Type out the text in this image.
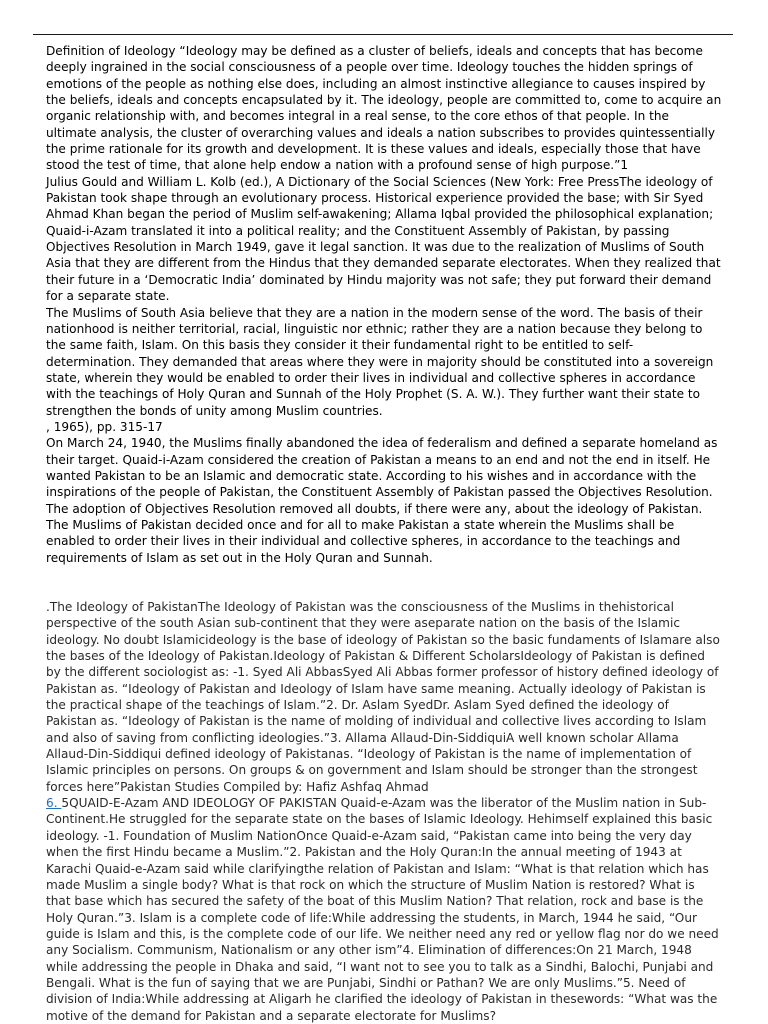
Definition of Ideology “Ideology may be defined as a cluster of beliefs, ideals and concepts that has become deeply ingrained in the social consciousness of a people over time. Ideology touches the hidden springs of emotions of the people as nothing else does, including an almost instinctive allegiance to causes inspired by the beliefs, ideals and concepts encapsulated by it. The ideology, people are committed to, come to acquire an organic relationship with, and becomes integral in a real sense, to the core ethos of that people. In the ultimate analysis, the cluster of overarching values and ideals a nation subscribes to provides quintessentially the prime rationale for its growth and development. It is these values and ideals, especially those that have stood the test of time, that alone help endow a nation with a profound sense of high purpose.”1

Julius Gould and William L. Kolb (ed.), A Dictionary of the Social Sciences (New York: Free PressThe ideology of Pakistan took shape through an evolutionary process. Historical experience provided the base; with Sir Syed Ahmad Khan began the period of Muslim self-awakening; Allama Iqbal provided the philosophical explanation; Quaid-i-Azam translated it into a political reality; and the Constituent Assembly of Pakistan, by passing Objectives Resolution in March 1949, gave it legal sanction. It was due to the realization of Muslims of South Asia that they are different from the Hindus that they demanded separate electorates. When they realized that their future in a ‘Democratic India’ dominated by Hindu majority was not safe; they put forward their demand for a separate state.

The Muslims of South Asia believe that they are a nation in the modern sense of the word. The basis of their nationhood is neither territorial, racial, linguistic nor ethnic; rather they are a nation because they belong to the same faith, Islam. On this basis they consider it their fundamental right to be entitled to self-determination. They demanded that areas where they were in majority should be constituted into a sovereign state, wherein they would be enabled to order their lives in individual and collective spheres in accordance with the teachings of Holy Quran and Sunnah of the Holy Prophet (S. A. W.). They further want their state to strengthen the bonds of unity among Muslim countries.

, 1965), pp. 315-17

On March 24, 1940, the Muslims finally abandoned the idea of federalism and defined a separate homeland as their target. Quaid-i-Azam considered the creation of Pakistan a means to an end and not the end in itself. He wanted Pakistan to be an Islamic and democratic state. According to his wishes and in accordance with the inspirations of the people of Pakistan, the Constituent Assembly of Pakistan passed the Objectives Resolution. The adoption of Objectives Resolution removed all doubts, if there were any, about the ideology of Pakistan. The Muslims of Pakistan decided once and for all to make Pakistan a state wherein the Muslims shall be enabled to order their lives in their individual and collective spheres, in accordance to the teachings and requirements of Islam as set out in the Holy Quran and Sunnah.

.The Ideology of PakistanThe Ideology of Pakistan was the consciousness of the Muslims in thehistorical perspective of the south Asian sub-continent that they were aseparate nation on the basis of the Islamic ideology. No doubt Islamicideology is the base of ideology of Pakistan so the basic fundaments of Islamare also the bases of the Ideology of Pakistan.Ideology of Pakistan & Different ScholarsIdeology of Pakistan is defined by the different sociologist as: -1. Syed Ali AbbasSyed Ali Abbas former professor of history defined ideology of Pakistan as. “Ideology of Pakistan and Ideology of Islam have same meaning. Actually ideology of Pakistan is the practical shape of the teachings of Islam.”2. Dr. Aslam SyedDr. Aslam Syed defined the ideology of Pakistan as. “Ideology of Pakistan is the name of molding of individual and collective lives according to Islam and also of saving from conflicting ideologies.”3. Allama Allaud-Din-SiddiquiA well known scholar Allama Allaud-Din-Siddiqui defined ideology of Pakistanas. “Ideology of Pakistan is the name of implementation of Islamic principles on persons. On groups & on government and Islam should be stronger than the strongest forces here”Pakistan Studies Compiled by: Hafiz Ashfaq Ahmad

6. 5QUAID-E-Azam AND IDEOLOGY OF PAKISTAN Quaid-e-Azam was the liberator of the Muslim nation in Sub-Continent.He struggled for the separate state on the bases of Islamic Ideology. Hehimself explained this basic ideology. -1. Foundation of Muslim NationOnce Quaid-e-Azam said, “Pakistan came into being the very day when the first Hindu became a Muslim.”2. Pakistan and the Holy Quran:In the annual meeting of 1943 at Karachi Quaid-e-Azam said while clarifyingthe relation of Pakistan and Islam: “What is that relation which has made Muslim a single body? What is that rock on which the structure of Muslim Nation is restored? What is that base which has secured the safety of the boat of this Muslim Nation? That relation, rock and base is the Holy Quran.”3. Islam is a complete code of life:While addressing the students, in March, 1944 he said, “Our guide is Islam and this, is the complete code of our life. We neither need any red or yellow flag nor do we need any Socialism. Communism, Nationalism or any other ism”4. Elimination of differences:On 21 March, 1948 while addressing the people in Dhaka and said, “I want not to see you to talk as a Sindhi, Balochi, Punjabi and Bengali. What is the fun of saying that we are Punjabi, Sindhi or Pathan? We are only Muslims.”5. Need of division of India:While addressing at Aligarh he clarified the ideology of Pakistan in thesewords: “What was the motive of the demand for Pakistan and a separate electorate for Muslims?
